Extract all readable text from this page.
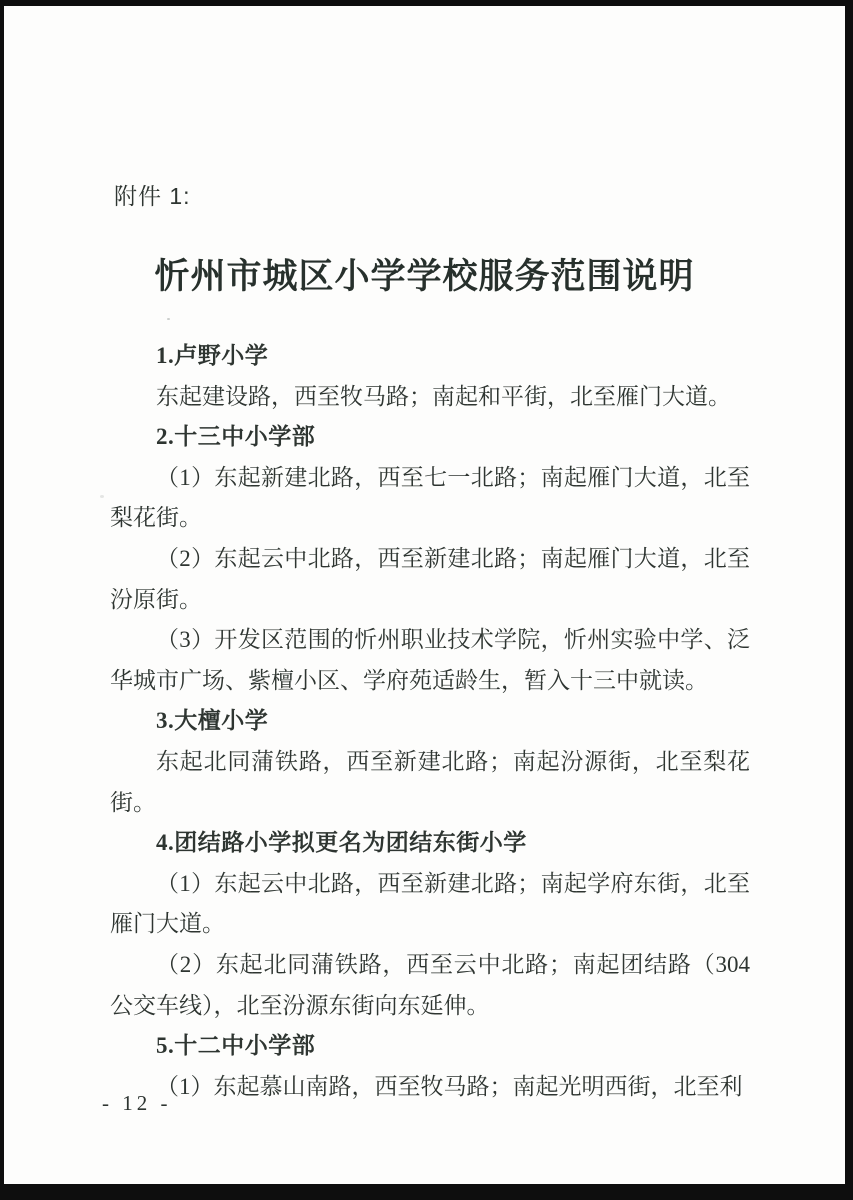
附件 1:
忻州市城区小学学校服务范围说明

1.卢野小学

东起建设路，西至牧马路；南起和平街，北至雁门大道。

2.十三中小学部

（1）东起新建北路，西至七一北路；南起雁门大道，北至梨花街。

（2）东起云中北路，西至新建北路；南起雁门大道，北至汾原街。

（3）开发区范围的忻州职业技术学院，忻州实验中学、泛华城市广场、紫檀小区、学府苑适龄生，暂入十三中就读。

3.大檀小学

东起北同蒲铁路，西至新建北路；南起汾源街，北至梨花街。

4.团结路小学拟更名为团结东街小学

（1）东起云中北路，西至新建北路；南起学府东街，北至雁门大道。

（2）东起北同蒲铁路，西至云中北路；南起团结路（304公交车线），北至汾源东街向东延伸。

5.十二中小学部

（1）东起慕山南路，西至牧马路；南起光明西街，北至利

- 12 -
